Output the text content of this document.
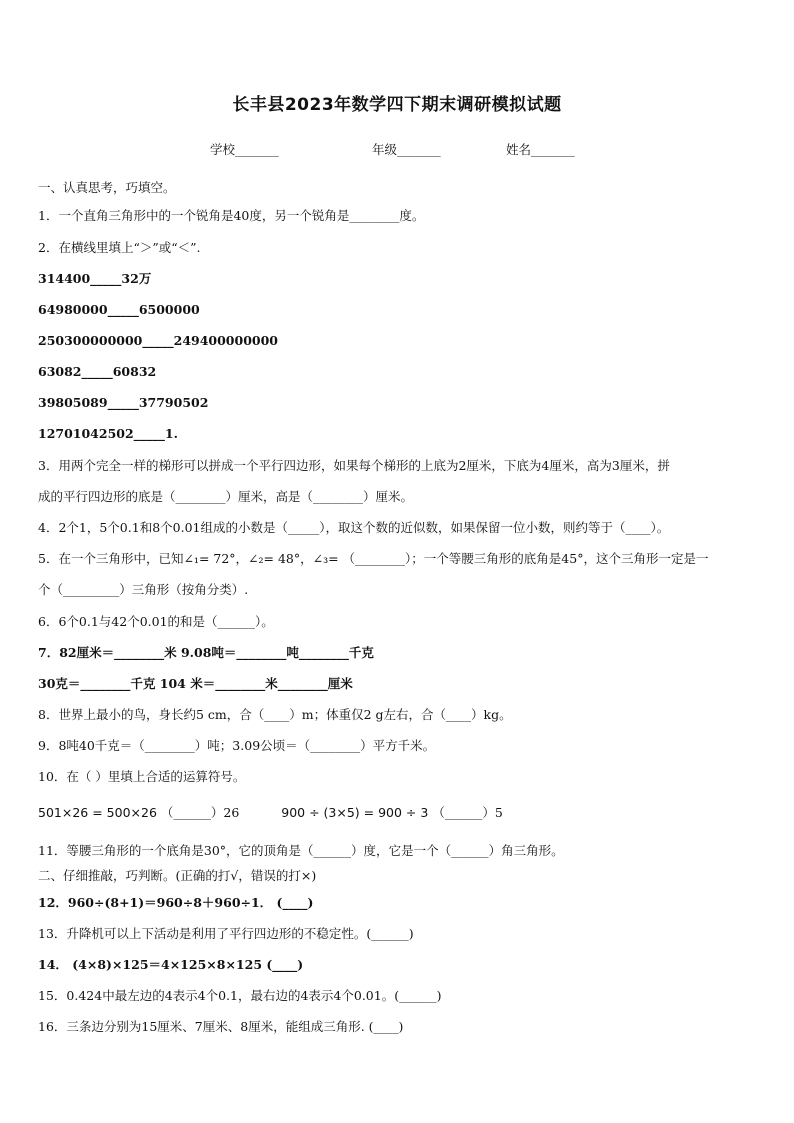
长丰县2023年数学四下期末调研模拟试题
学校_______	年级_______	姓名_______
一、认真思考，巧填空。
1．一个直角三角形中的一个锐角是40度，另一个锐角是________度。
2．在横线里填上“＞”或“＜”.
314400_____32万
64980000_____6500000
250300000000_____249400000000
63082_____60832
39805089_____37790502
12701042502_____1.
3．用两个完全一样的梯形可以拼成一个平行四边形，如果每个梯形的上底为2厘米，下底为4厘米，高为3厘米，拼
成的平行四边形的底是（________）厘米，高是（________）厘米。
4．2个1，5个0.1和8个0.01组成的小数是（_____），取这个数的近似数，如果保留一位小数，则约等于（____）。
5．在一个三角形中，已知∠₁= 72°，∠₂= 48°，∠₃= （________）；一个等腰三角形的底角是45°，这个三角形一定是一
个（_________）三角形（按角分类）.
6．6个0.1与42个0.01的和是（______）。
7．82厘米＝________米 9.08吨＝________吨________千克
30克＝________千克 104 米＝________米________厘米
8．世界上最小的鸟，身长约5 cm，合（____）m；体重仅2 g左右，合（____）kg。
9．8吨40千克＝（________）吨；3.09公顷＝（________）平方千米。
10．在（ ）里填上合适的运算符号。
501×26 = 500×26 （______）26	900 ÷ (3×5) = 900 ÷ 3 （______）5
11．等腰三角形的一个底角是30°，它的顶角是（______）度，它是一个（______）角三角形。
二、仔细推敲，巧判断。(正确的打√，错误的打×)
12．960÷(8+1)＝960÷8＋960÷1． (____)
13．升降机可以上下活动是利用了平行四边形的不稳定性。(______)
14． (4×8)×125＝4×125×8×125 (____)
15．0.424中最左边的4表示4个0.1，最右边的4表示4个0.01。(______)
16．三条边分别为15厘米、7厘米、8厘米，能组成三角形. (____)
